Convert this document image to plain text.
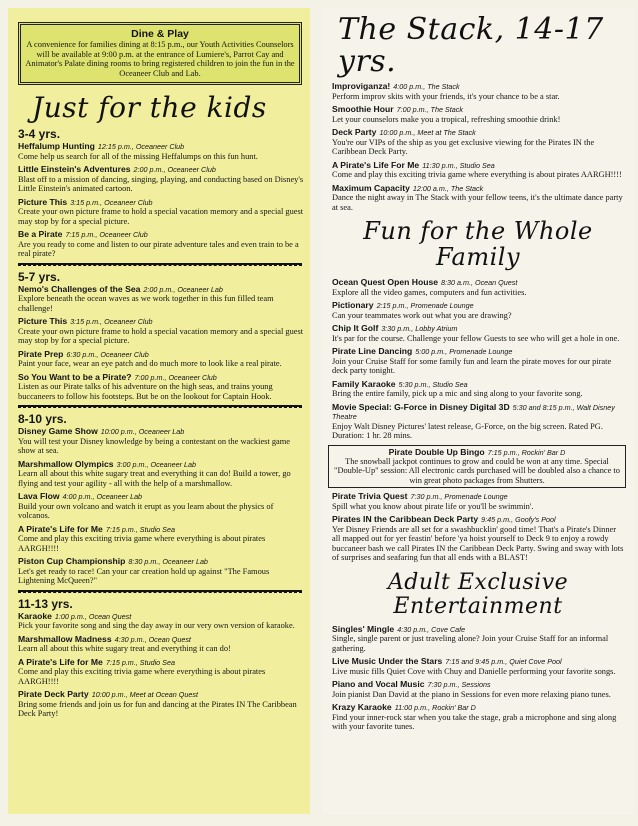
Dine & Play
A convenience for families dining at 8:15 p.m., our Youth Activities Counselors will be available at 9:00 p.m. at the entrance of Lumiere's, Parrot Cay and Animator's Palate dining rooms to bring registered children to join the fun in the Oceaneer Club and Lab.
Just for the kids
3-4 yrs.
Heffalump Hunting 12:15 p.m., Oceaneer Club
Come help us search for all of the missing Heffalumps on this fun hunt.
Little Einstein's Adventures 2:00 p.m., Oceaneer Club
Blast off to a mission of dancing, singing, playing, and conducting based on Disney's Little Einstein's animated cartoon.
Picture This 3:15 p.m., Oceaneer Club
Create your own picture frame to hold a special vacation memory and a special guest may stop by for a special picture.
Be a Pirate 7:15 p.m., Oceaneer Club
Are you ready to come and listen to our pirate adventure tales and even train to be a real pirate?
5-7 yrs.
Nemo's Challenges of the Sea 2:00 p.m., Oceaneer Lab
Explore beneath the ocean waves as we work together in this fun filled team challenge!
Picture This 3:15 p.m., Oceaneer Club
Create your own picture frame to hold a special vacation memory and a special guest may stop by for a special picture.
Pirate Prep 6:30 p.m., Oceaneer Club
Paint your face, wear an eye patch and do much more to look like a real pirate.
So You Want to be a Pirate? 7:00 p.m., Oceaneer Club
Listen as our Pirate talks of his adventure on the high seas, and trains young buccaneers to follow his footsteps. But be on the lookout for Captain Hook.
8-10 yrs.
Disney Game Show 10:00 p.m., Oceaneer Lab
You will test your Disney knowledge by being a contestant on the wackiest game show at sea.
Marshmallow Olympics 3:00 p.m., Oceaneer Lab
Learn all about this white sugary treat and everything it can do! Build a tower, go flying and test your agility - all with the help of a marshmallow.
Lava Flow 4:00 p.m., Oceaneer Lab
Build your own volcano and watch it erupt as you learn about the physics of volcanos.
A Pirate's Life for Me 7:15 p.m., Studio Sea
Come and play this exciting trivia game where everything is about pirates AARGH!!!!
Piston Cup Championship 8:30 p.m., Oceaneer Lab
Let's get ready to race! Can your car creation hold up against "The Famous Lightening McQueen?"
11-13 yrs.
Karaoke 1:00 p.m., Ocean Quest
Pick your favorite song and sing the day away in our very own version of karaoke.
Marshmallow Madness 4:30 p.m., Ocean Quest
Learn all about this white sugary treat and everything it can do!
A Pirate's Life for Me 7:15 p.m., Studio Sea
Come and play this exciting trivia game where everything is about pirates AARGH!!!!
Pirate Deck Party 10:00 p.m., Meet at Ocean Quest
Bring some friends and join us for fun and dancing at the Pirates IN The Caribbean Deck Party!
The Stack, 14-17 yrs.
Improviganza! 4:00 p.m., The Stack
Perform improv skits with your friends, it's your chance to be a star.
Smoothie Hour 7:00 p.m., The Stack
Let your counselors make you a tropical, refreshing smoothie drink!
Deck Party 10:00 p.m., Meet at The Stack
You're our VIPs of the ship as you get exclusive viewing for the Pirates IN the Caribbean Deck Party.
A Pirate's Life For Me 11:30 p.m., Studio Sea
Come and play this exciting trivia game where everything is about pirates AARGH!!!!
Maximum Capacity 12:00 a.m., The Stack
Dance the night away in The Stack with your fellow teens, it's the ultimate dance party at sea.
Fun for the Whole Family
Ocean Quest Open House 8:30 a.m., Ocean Quest
Explore all the video games, computers and fun activities.
Pictionary 2:15 p.m., Promenade Lounge
Can your teammates work out what you are drawing?
Chip It Golf 3:30 p.m., Lobby Atrium
It's par for the course. Challenge your fellow Guests to see who will get a hole in one.
Pirate Line Dancing 5:00 p.m., Promenade Lounge
Join your Cruise Staff for some family fun and learn the pirate moves for our pirate deck party tonight.
Family Karaoke 5:30 p.m., Studio Sea
Bring the entire family, pick up a mic and sing along to your favorite song.
Movie Special: G-Force in Disney Digital 3D 5:30 and 8:15 p.m., Walt Disney Theatre
Enjoy Walt Disney Pictures' latest release, G-Force, on the big screen. Rated PG. Duration: 1 hr. 28 mins.
Pirate Double Up Bingo 7:15 p.m., Rockin' Bar D
The snowball jackpot continues to grow and could be won at any time. Special "Double-Up" session: All electronic cards purchased will be doubled also a chance to win great photo packages from Shutters.
Pirate Trivia Quest 7:30 p.m., Promenade Lounge
Spill what you know about pirate life or you'll be swimmin'.
Pirates IN the Caribbean Deck Party 9:45 p.m., Goofy's Pool
Yer Disney Friends are all set for a swashbucklin' good time! That's a Pirate's Dinner all mapped out for yer feastin' before 'ya hoist yourself to Deck 9 to enjoy a rowdy buccaneer bash we call Pirates IN the Caribbean Deck Party. Swing and sway with lots of surprises and seafaring fun that all ends with a BLAST!
Adult Exclusive Entertainment
Singles' Mingle 4:30 p.m., Cove Cafe
Single, single parent or just traveling alone? Join your Cruise Staff for an informal gathering.
Live Music Under the Stars 7:15 and 9:45 p.m., Quiet Cove Pool
Live music fills Quiet Cove with Chuy and Danielle performing your favorite songs.
Piano and Vocal Music 7:30 p.m., Sessions
Join pianist Dan David at the piano in Sessions for even more relaxing piano tunes.
Krazy Karaoke 11:00 p.m., Rockin' Bar D
Find your inner-rock star when you take the stage, grab a microphone and sing along with your favorite tunes.
